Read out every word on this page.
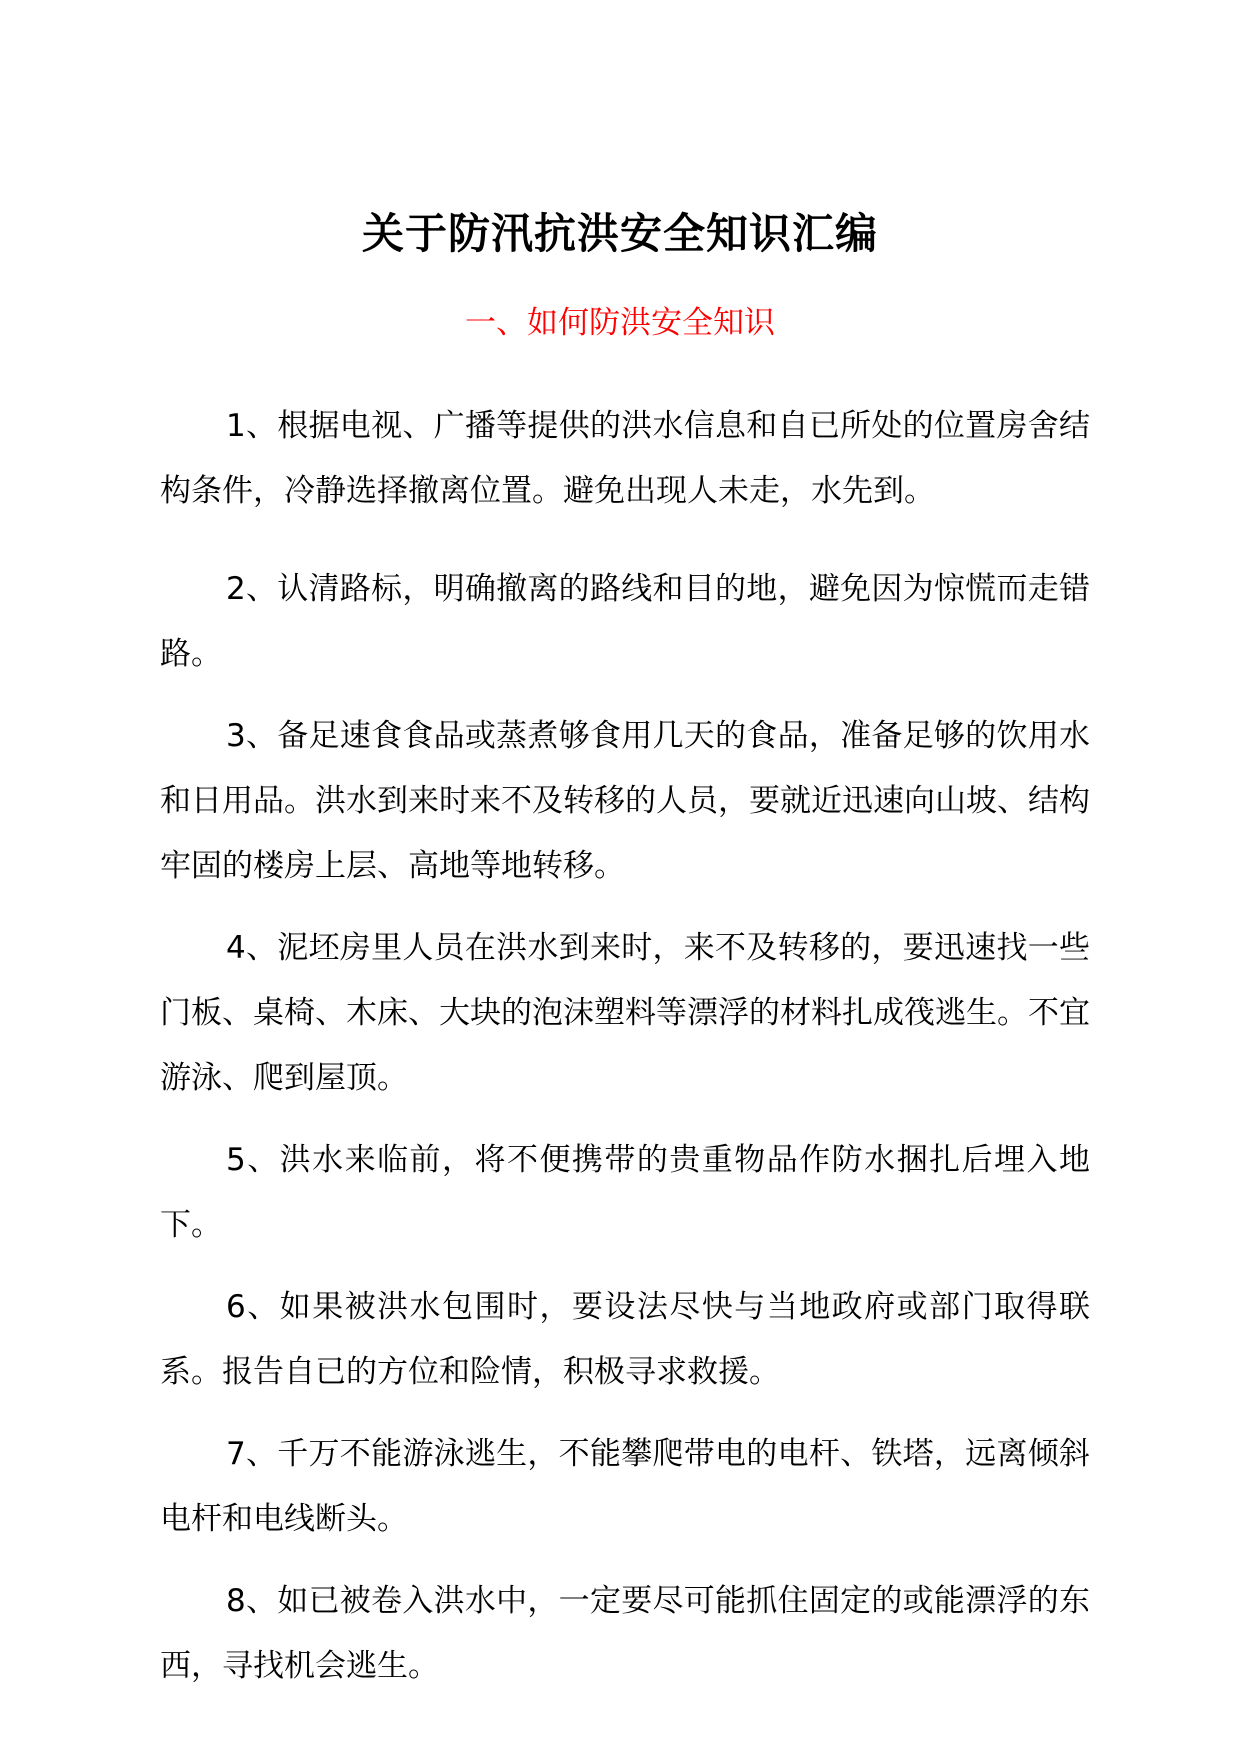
关于防汛抗洪安全知识汇编
一、如何防洪安全知识

1、根据电视、广播等提供的洪水信息和自已所处的位置房舍结构条件，冷静选择撤离位置。避免出现人未走，水先到。

2、认清路标，明确撤离的路线和目的地，避免因为惊慌而走错路。

3、备足速食食品或蒸煮够食用几天的食品，准备足够的饮用水和日用品。洪水到来时来不及转移的人员，要就近迅速向山坡、结构牢固的楼房上层、高地等地转移。

4、泥坯房里人员在洪水到来时，来不及转移的，要迅速找一些门板、桌椅、木床、大块的泡沫塑料等漂浮的材料扎成筏逃生。不宜游泳、爬到屋顶。

5、洪水来临前，将不便携带的贵重物品作防水捆扎后埋入地下。

6、如果被洪水包围时，要设法尽快与当地政府或部门取得联系。报告自已的方位和险情，积极寻求救援。

7、千万不能游泳逃生，不能攀爬带电的电杆、铁塔，远离倾斜电杆和电线断头。

8、如已被卷入洪水中，一定要尽可能抓住固定的或能漂浮的东西，寻找机会逃生。
